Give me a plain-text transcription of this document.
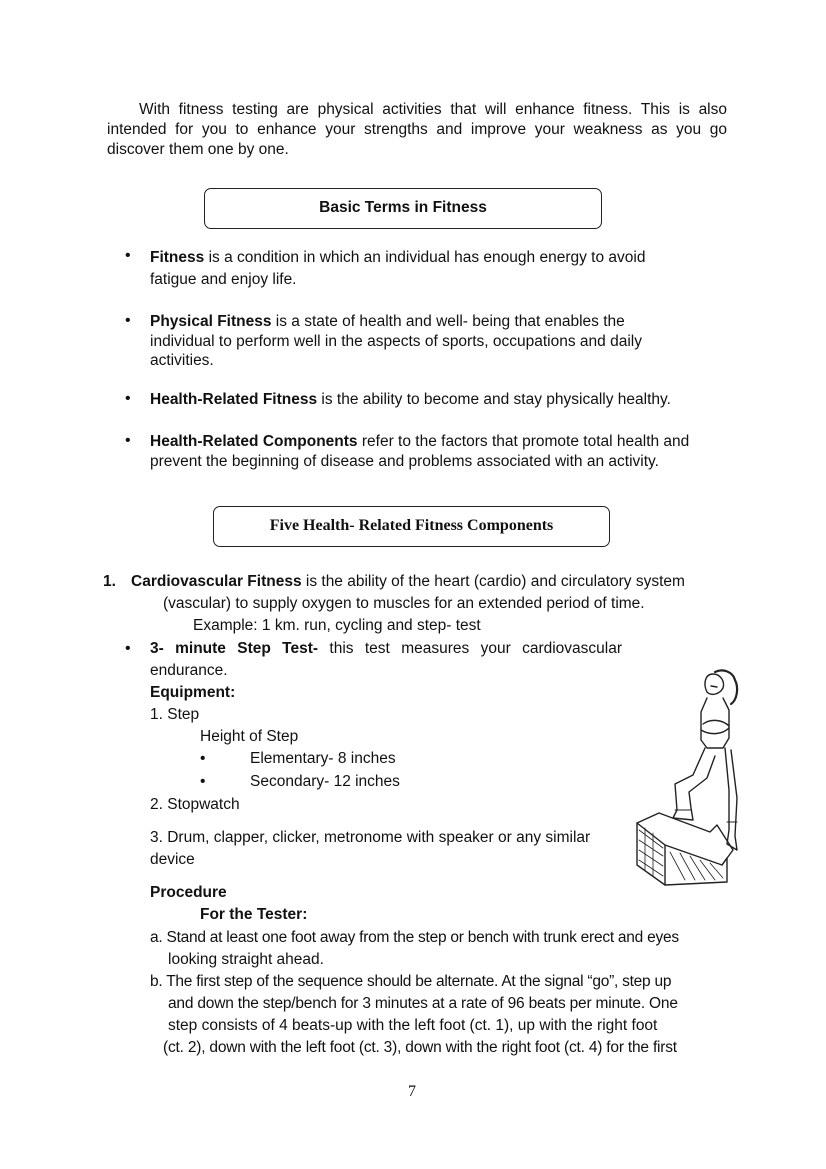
With fitness testing are physical activities that will enhance fitness. This is also intended for you to enhance your strengths and improve your weakness as you go discover them one by one.
Basic Terms in Fitness
•
Fitness is a condition in which an individual has enough energy to avoid
fatigue and enjoy life.
•
Physical Fitness is a state of health and well- being that enables the individual to perform well in the aspects of sports, occupations and daily activities.
•
Health-Related Fitness is the ability to become and stay physically healthy.
•
Health-Related Components refer to the factors that promote total health and prevent the beginning of disease and problems associated with an activity.
Five Health- Related Fitness Components
1. Cardiovascular Fitness is the ability of the heart (cardio) and circulatory system
(vascular) to supply oxygen to muscles for an extended period of time.
Example: 1 km. run, cycling and step- test
•
3- minute Step Test- this test measures your cardiovascular
endurance.
Equipment:
1. Step
Height of Step
•	Elementary- 8 inches
•	Secondary- 12 inches
2. Stopwatch
3. Drum, clapper, clicker, metronome with speaker or any similar
device
Procedure
For the Tester:
a. Stand at least one foot away from the step or bench with trunk erect and eyes
looking straight ahead.
b. The first step of the sequence should be alternate. At the signal “go”, step up
and down the step/bench for 3 minutes at a rate of 96 beats per minute. One
step consists of 4 beats-up with the left foot (ct. 1), up with the right foot
(ct. 2), down with the left foot (ct. 3), down with the right foot (ct. 4) for the first
7
